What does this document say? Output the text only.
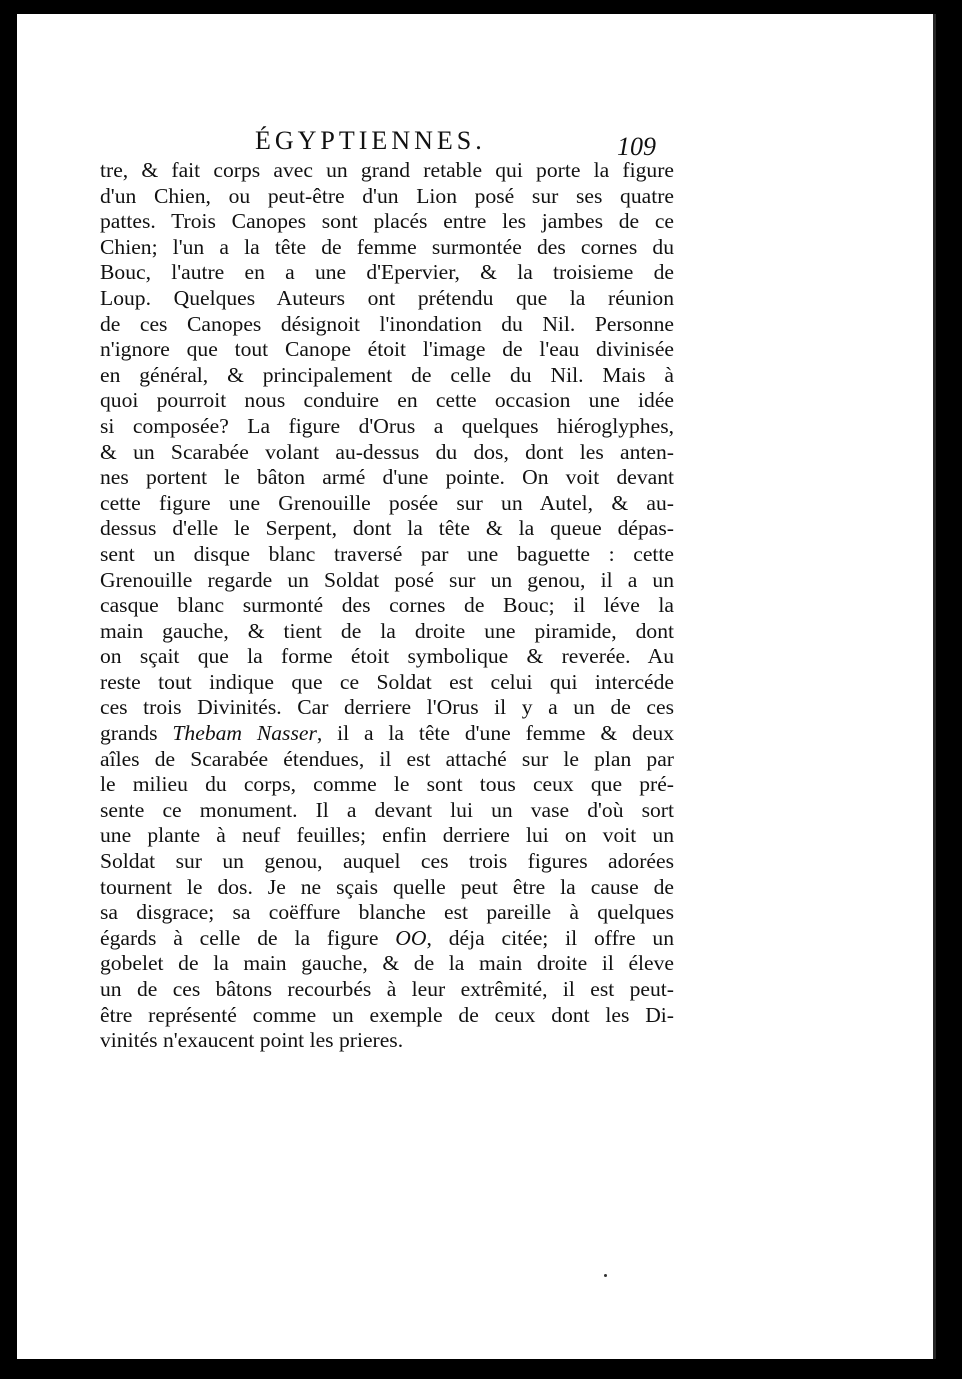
ÉGYPTIENNES.	109
tre, & fait corps avec un grand retable qui porte la figure
d'un Chien, ou peut-être d'un Lion posé sur ses quatre
pattes. Trois Canopes sont placés entre les jambes de ce
Chien; l'un a la tête de femme surmontée des cornes du
Bouc, l'autre en a une d'Epervier, & la troisieme de
Loup. Quelques Auteurs ont prétendu que la réunion
de ces Canopes désignoit l'inondation du Nil. Personne
n'ignore que tout Canope étoit l'image de l'eau divinisée
en général, & principalement de celle du Nil. Mais à
quoi pourroit nous conduire en cette occasion une idée
si composée? La figure d'Orus a quelques hiéroglyphes,
& un Scarabée volant au-dessus du dos, dont les anten-
nes portent le bâton armé d'une pointe. On voit devant
cette figure une Grenouille posée sur un Autel, & au-
dessus d'elle le Serpent, dont la tête & la queue dépas-
sent un disque blanc traversé par une baguette : cette
Grenouille regarde un Soldat posé sur un genou, il a un
casque blanc surmonté des cornes de Bouc; il léve la
main gauche, & tient de la droite une piramide, dont
on sçait que la forme étoit symbolique & reverée. Au
reste tout indique que ce Soldat est celui qui intercéde
ces trois Divinités. Car derriere l'Orus il y a un de ces
grands Thebam Nasser, il a la tête d'une femme & deux
aîles de Scarabée étendues, il est attaché sur le plan par
le milieu du corps, comme le sont tous ceux que pré-
sente ce monument. Il a devant lui un vase d'où sort
une plante à neuf feuilles; enfin derriere lui on voit un
Soldat sur un genou, auquel ces trois figures adorées
tournent le dos. Je ne sçais quelle peut être la cause de
sa disgrace; sa coëffure blanche est pareille à quelques
égards à celle de la figure OO, déja citée; il offre un
gobelet de la main gauche, & de la main droite il éleve
un de ces bâtons recourbés à leur extrêmité, il est peut-
être représenté comme un exemple de ceux dont les Di-
vinités n'exaucent point les prieres.
